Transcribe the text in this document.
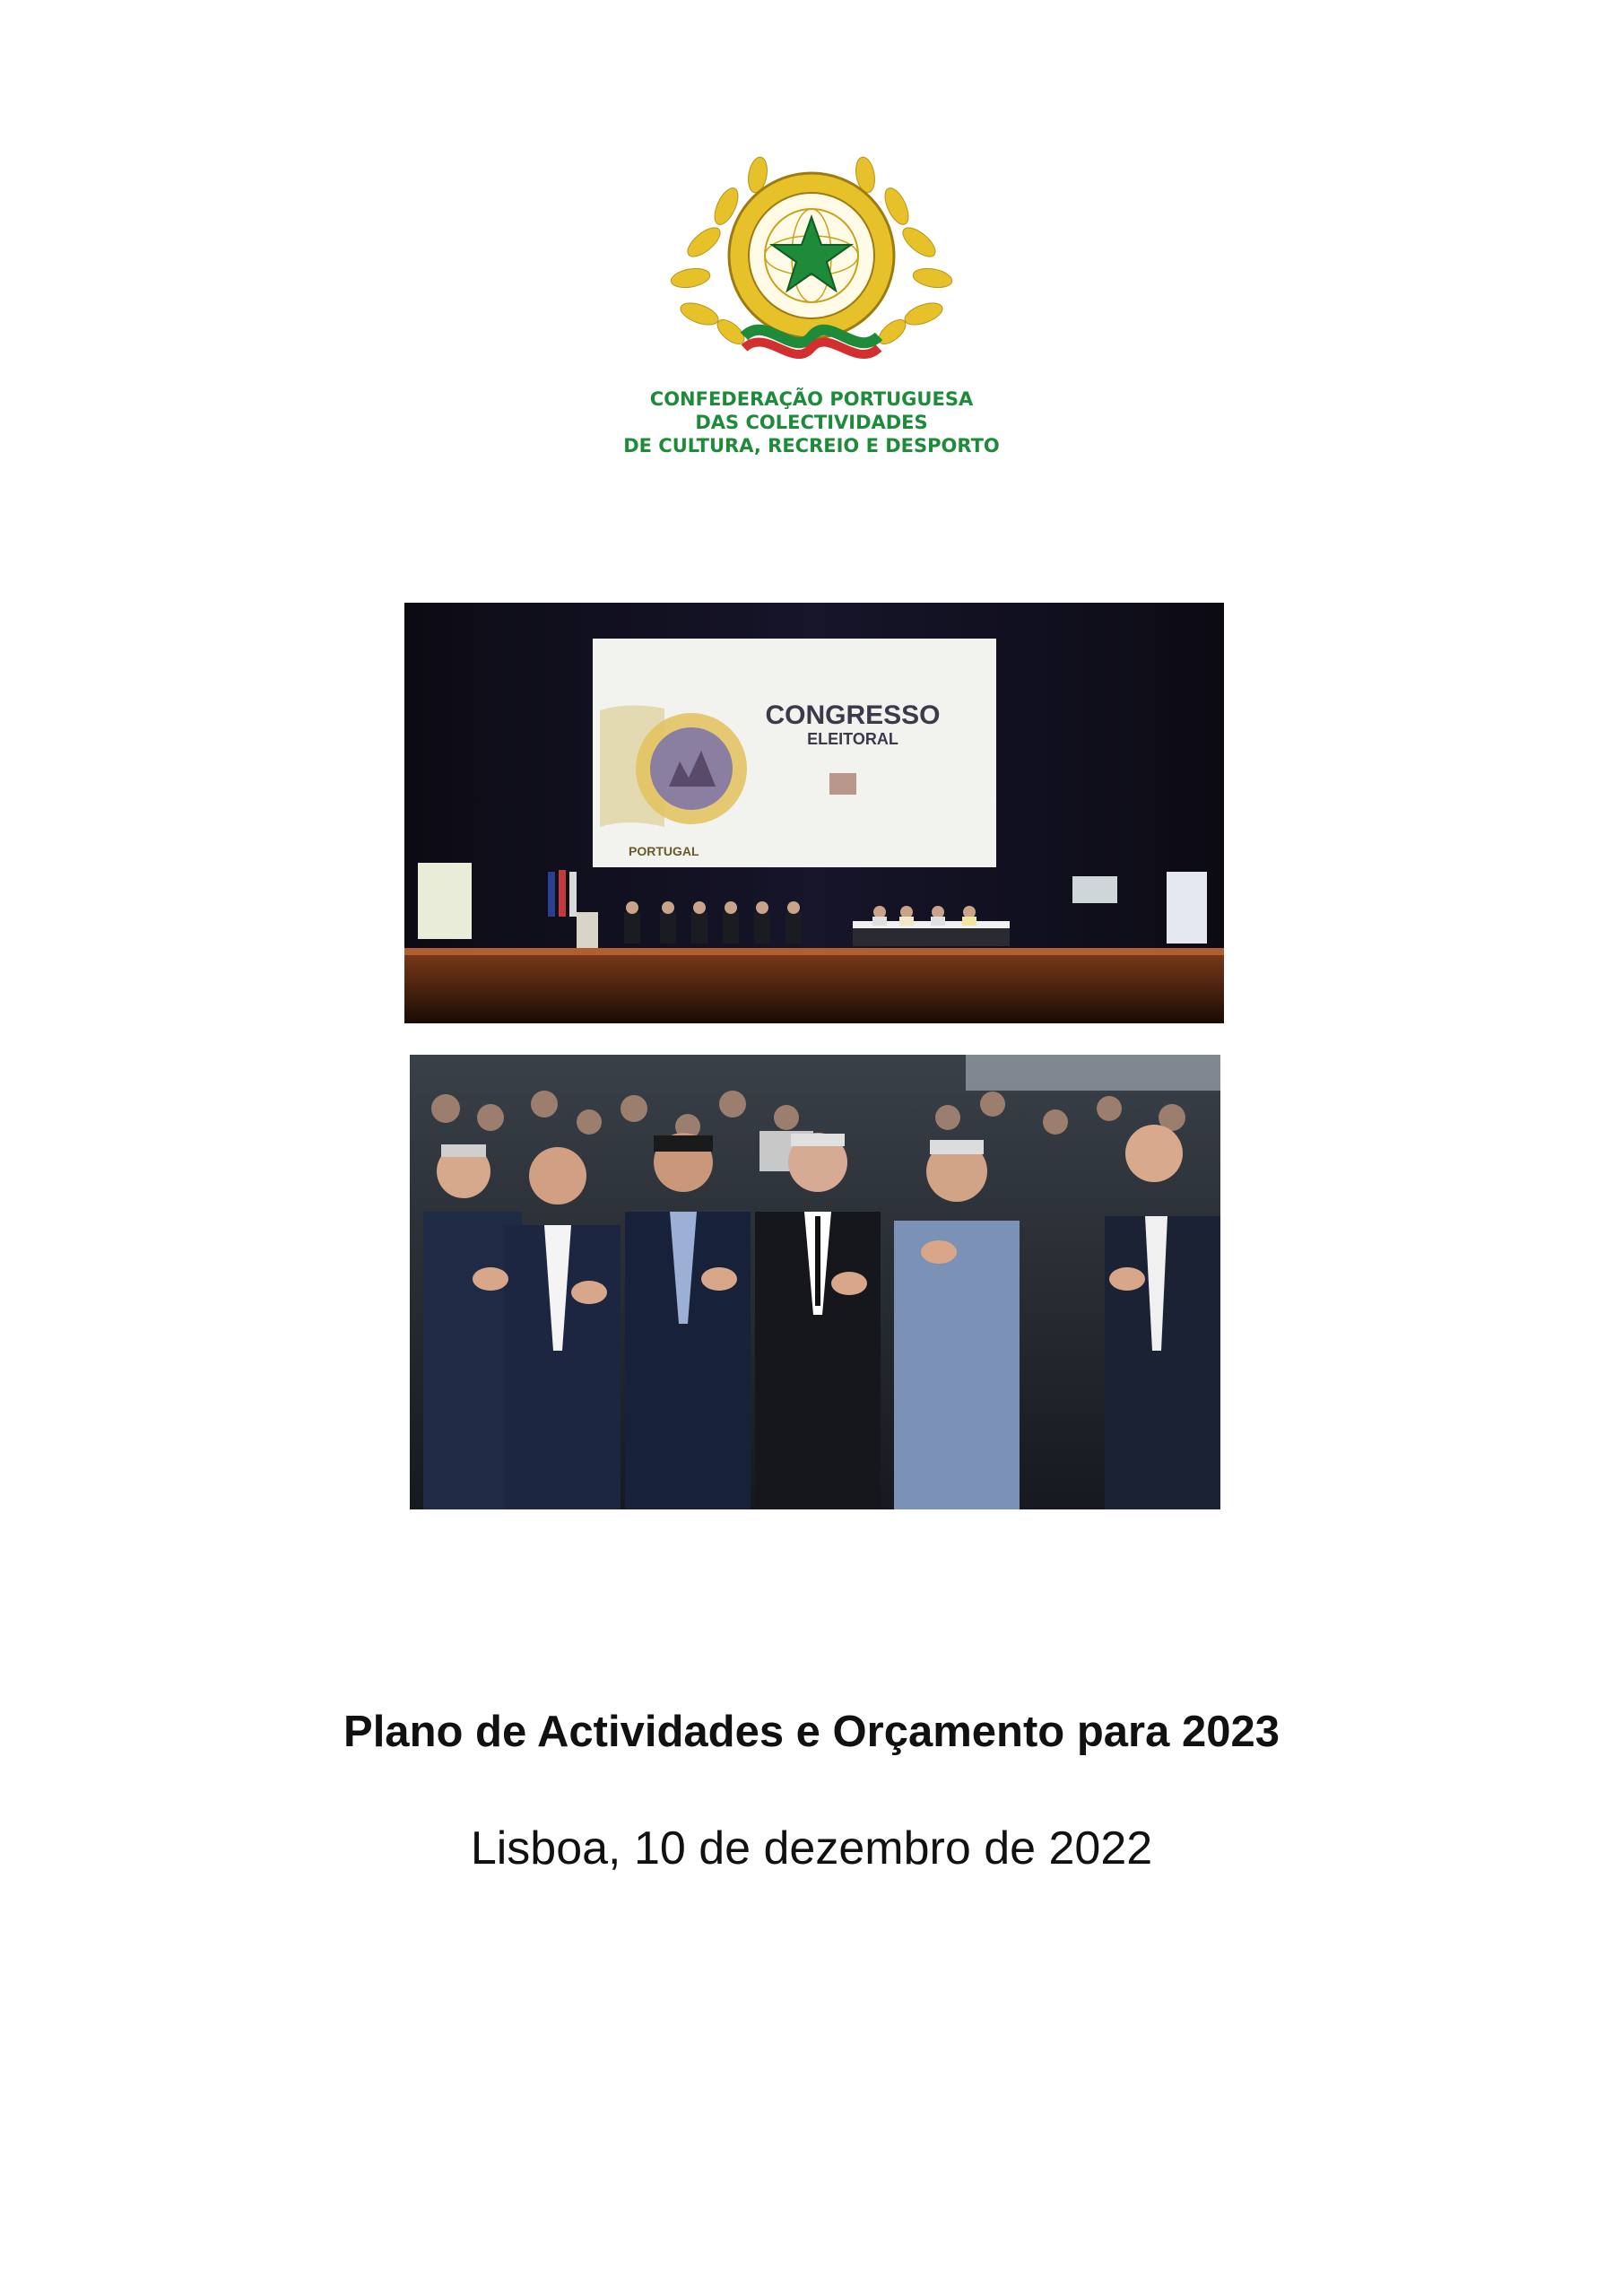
CONFEDERAÇÃO PORTUGUESA
DAS COLECTIVIDADES
DE CULTURA, RECREIO E DESPORTO
CONGRESSO
ELEITORAL
PORTUGAL
Plano de Actividades e Orçamento para 2023
Lisboa, 10 de dezembro de 2022
